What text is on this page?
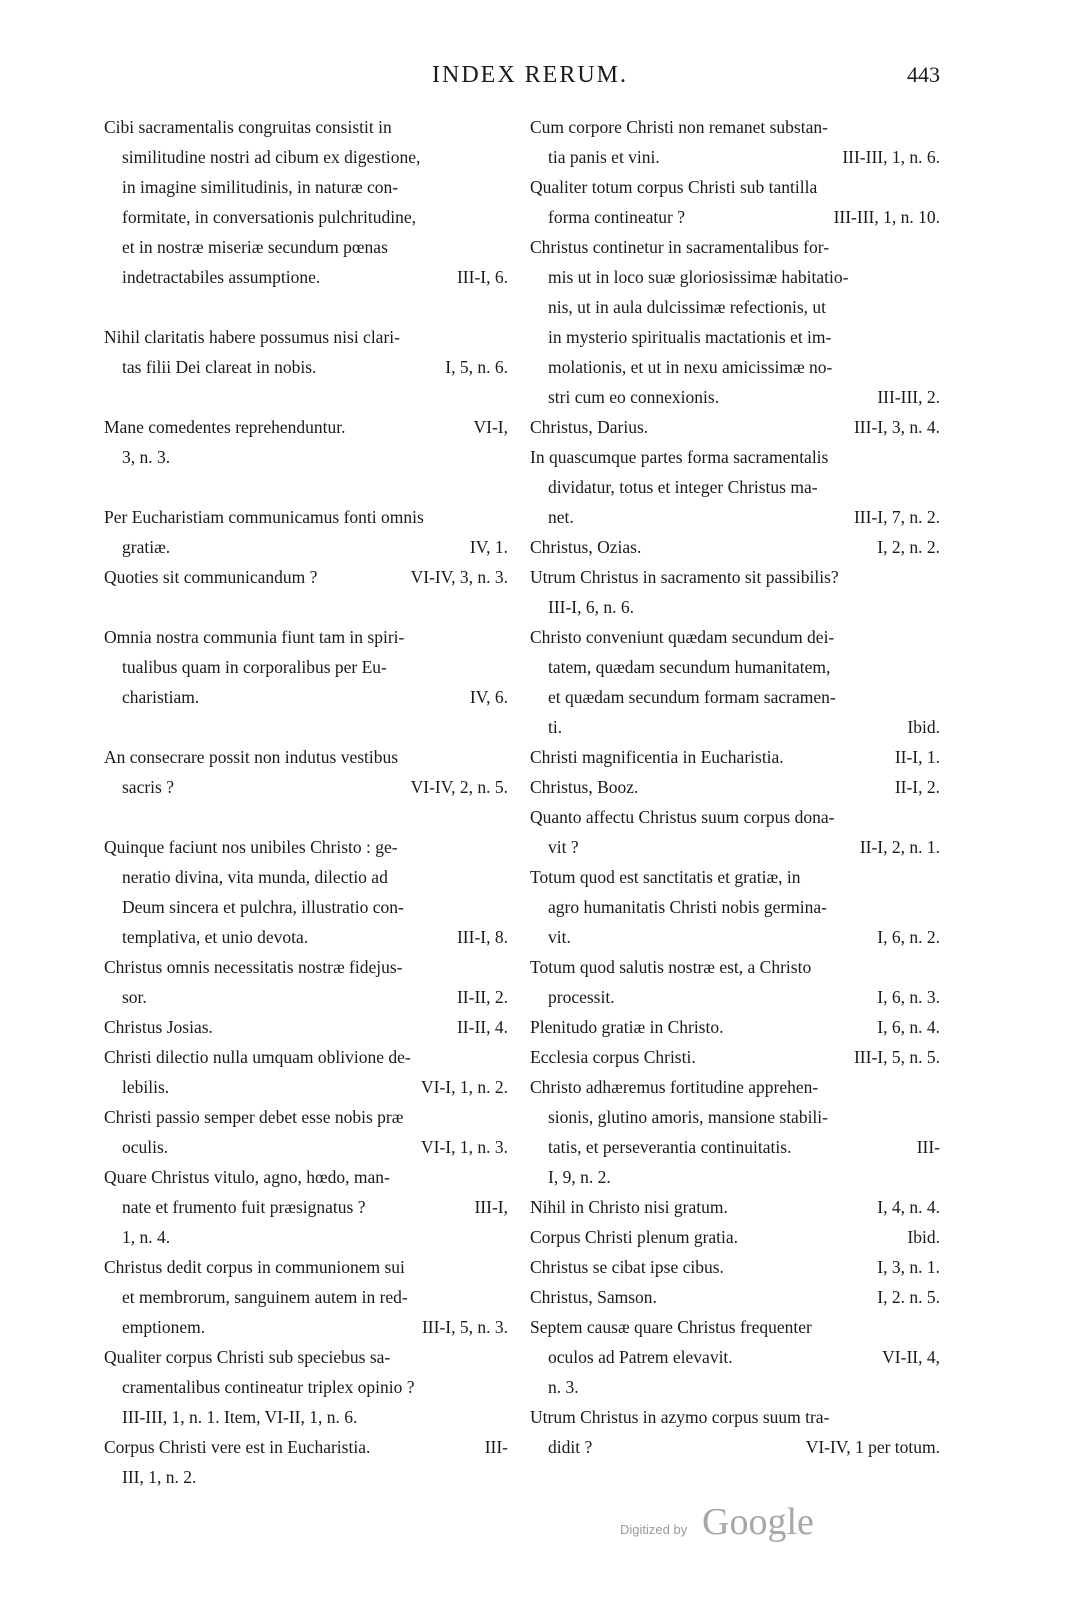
INDEX RERUM.	443
Cibi sacramentalis congruitas consistit in
similitudine nostri ad cibum ex digestione,
in imagine similitudinis, in naturæ con-
formitate, in conversationis pulchritudine,
et in nostræ miseriæ secundum pœnas
indetractabiles assumptione.	III-I, 6.
Nihil claritatis habere possumus nisi clari-
tas filii Dei clareat in nobis.	I, 5, n. 6.
Mane comedentes reprehenduntur.	VI-I,
3, n. 3.
Per Eucharistiam communicamus fonti omnis
gratiæ.	IV, 1.
Quoties sit communicandum ?	VI-IV, 3, n. 3.
Omnia nostra communia fiunt tam in spiri-
tualibus quam in corporalibus per Eu-
charistiam.	IV, 6.
An consecrare possit non indutus vestibus
sacris ?	VI-IV, 2, n. 5.
Quinque faciunt nos unibiles Christo : ge-
neratio divina, vita munda, dilectio ad
Deum sincera et pulchra, illustratio con-
templativa, et unio devota.	III-I, 8.
Christus omnis necessitatis nostræ fidejus-
sor.	II-II, 2.
Christus Josias.	II-II, 4.
Christi dilectio nulla umquam oblivione de-
lebilis.	VI-I, 1, n. 2.
Christi passio semper debet esse nobis præ
oculis.	VI-I, 1, n. 3.
Quare Christus vitulo, agno, hœdo, man-
nate et frumento fuit præsignatus ?	III-I,
1, n. 4.
Christus dedit corpus in communionem sui
et membrorum, sanguinem autem in red-
emptionem.	III-I, 5, n. 3.
Qualiter corpus Christi sub speciebus sa-
cramentalibus contineatur triplex opinio ?
III-III, 1, n. 1. Item, VI-II, 1, n. 6.
Corpus Christi vere est in Eucharistia.	III-
III, 1, n. 2.
Cum corpore Christi non remanet substan-
tia panis et vini.	III-III, 1, n. 6.
Qualiter totum corpus Christi sub tantilla
forma contineatur ?	III-III, 1, n. 10.
Christus continetur in sacramentalibus for-
mis ut in loco suæ gloriosissimæ habitatio-
nis, ut in aula dulcissimæ refectionis, ut
in mysterio spiritualis mactationis et im-
molationis, et ut in nexu amicissimæ no-
stri cum eo connexionis.	III-III, 2.
Christus, Darius.	III-I, 3, n. 4.
In quascumque partes forma sacramentalis
dividatur, totus et integer Christus ma-
net.	III-I, 7, n. 2.
Christus, Ozias.	I, 2, n. 2.
Utrum Christus in sacramento sit passibilis?
III-I, 6, n. 6.
Christo conveniunt quædam secundum dei-
tatem, quædam secundum humanitatem,
et quædam secundum formam sacramen-
ti.	Ibid.
Christi magnificentia in Eucharistia.	II-I, 1.
Christus, Booz.	II-I, 2.
Quanto affectu Christus suum corpus dona-
vit ?	II-I, 2, n. 1.
Totum quod est sanctitatis et gratiæ, in
agro humanitatis Christi nobis germina-
vit.	I, 6, n. 2.
Totum quod salutis nostræ est, a Christo
processit.	I, 6, n. 3.
Plenitudo gratiæ in Christo.	I, 6, n. 4.
Ecclesia corpus Christi.	III-I, 5, n. 5.
Christo adhæremus fortitudine apprehen-
sionis, glutino amoris, mansione stabili-
tatis, et perseverantia continuitatis.	III-
I, 9, n. 2.
Nihil in Christo nisi gratum.	I, 4, n. 4.
Corpus Christi plenum gratia.	Ibid.
Christus se cibat ipse cibus.	I, 3, n. 1.
Christus, Samson.	I, 2. n. 5.
Septem causæ quare Christus frequenter
oculos ad Patrem elevavit.	VI-II, 4,
n. 3.
Utrum Christus in azymo corpus suum tra-
didit ?	VI-IV, 1 per totum.
Digitized by Google
